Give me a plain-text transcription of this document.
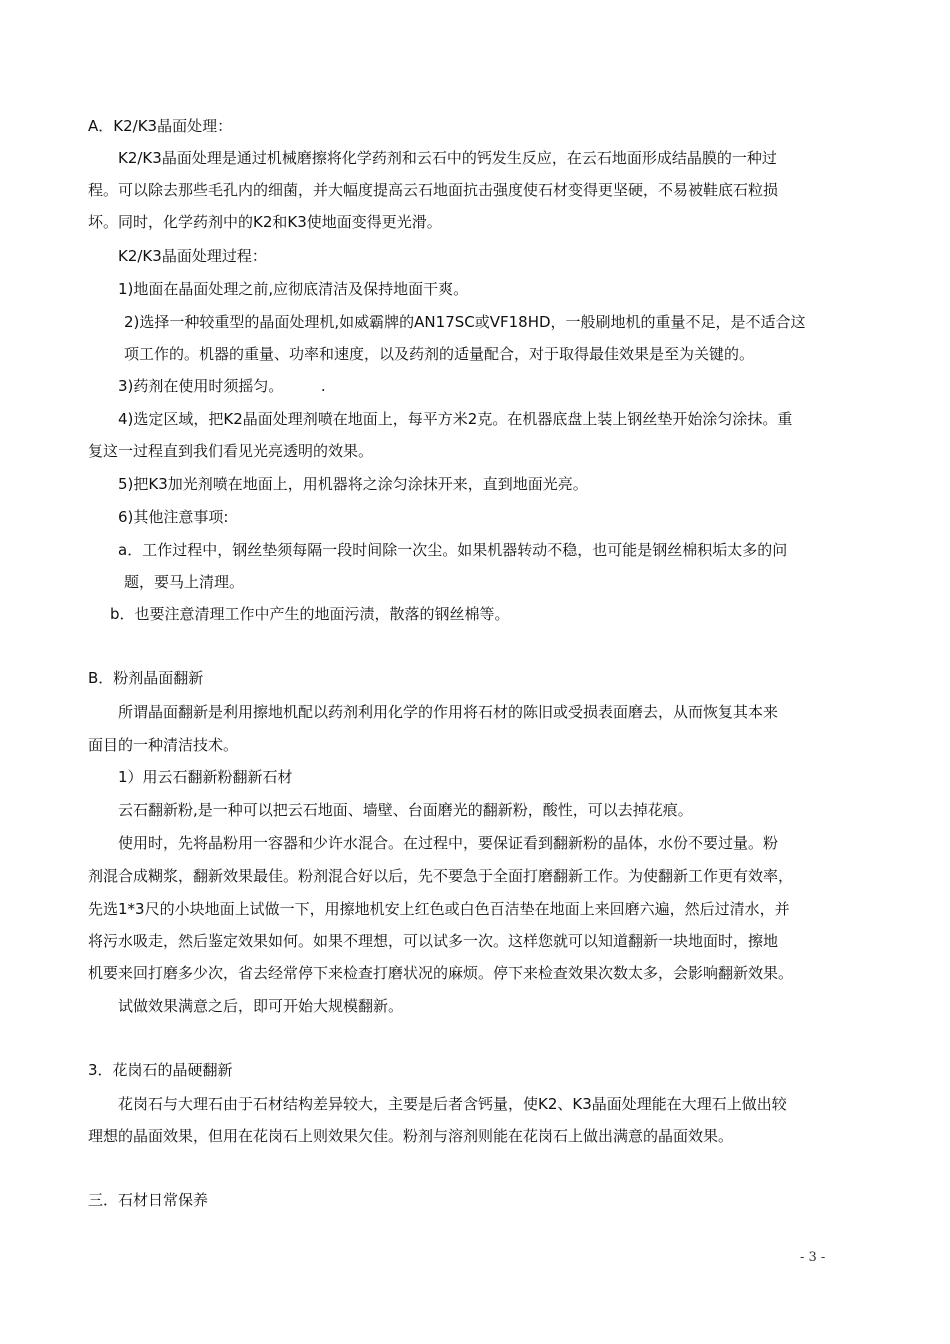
A．K2/K3晶面处理：
K2/K3晶面处理是通过机械磨擦将化学药剂和云石中的钙发生反应，在云石地面形成结晶膜的一种过
程。可以除去那些毛孔内的细菌，并大幅度提高云石地面抗击强度使石材变得更坚硬，不易被鞋底石粒损
坏。同时，化学药剂中的K2和K3使地面变得更光滑。
K2/K3晶面处理过程：
1)地面在晶面处理之前,应彻底清洁及保持地面干爽。
2)选择一种较重型的晶面处理机,如威霸牌的AN17SC或VF18HD，一般刷地机的重量不足，是不适合这
项工作的。机器的重量、功率和速度，以及药剂的适量配合，对于取得最佳效果是至为关键的。
3)药剂在使用时须摇匀。　　　.
4)选定区域，把K2晶面处理剂喷在地面上，每平方米2克。在机器底盘上装上钢丝垫开始涂匀涂抹。重
复这一过程直到我们看见光亮透明的效果。
5)把K3加光剂喷在地面上，用机器将之涂匀涂抹开来，直到地面光亮。
6)其他注意事项:
a．工作过程中，钢丝垫须每隔一段时间除一次尘。如果机器转动不稳，也可能是钢丝棉积垢太多的问
题，要马上清理。
b．也要注意清理工作中产生的地面污渍，散落的钢丝棉等。
B．粉剂晶面翻新
所谓晶面翻新是利用擦地机配以药剂利用化学的作用将石材的陈旧或受损表面磨去，从而恢复其本来
面目的一种清洁技术。
1）用云石翻新粉翻新石材
云石翻新粉,是一种可以把云石地面、墙壁、台面磨光的翻新粉，酸性，可以去掉花痕。
使用时，先将晶粉用一容器和少许水混合。在过程中，要保证看到翻新粉的晶体，水份不要过量。粉
剂混合成糊浆，翻新效果最佳。粉剂混合好以后，先不要急于全面打磨翻新工作。为使翻新工作更有效率，
先选1*3尺的小块地面上试做一下，用擦地机安上红色或白色百洁垫在地面上来回磨六遍，然后过清水，并
将污水吸走，然后鉴定效果如何。如果不理想，可以试多一次。这样您就可以知道翻新一块地面时，擦地
机要来回打磨多少次，省去经常停下来检查打磨状况的麻烦。停下来检查效果次数太多，会影响翻新效果。
试做效果满意之后，即可开始大规模翻新。
3．花岗石的晶硬翻新
花岗石与大理石由于石材结构差异较大，主要是后者含钙量，使K2、K3晶面处理能在大理石上做出较
理想的晶面效果，但用在花岗石上则效果欠佳。粉剂与溶剂则能在花岗石上做出满意的晶面效果。
三．石材日常保养
- 3 -
